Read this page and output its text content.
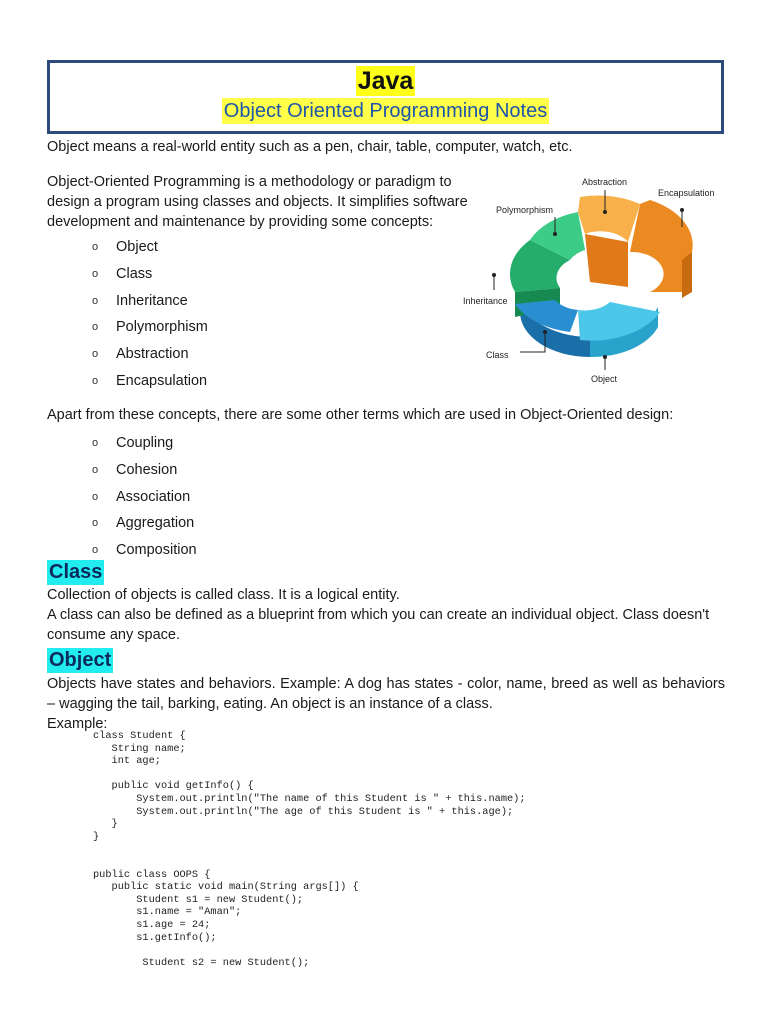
Java
Object Oriented Programming Notes
Object means a real-world entity such as a pen, chair, table, computer, watch, etc.
Object-Oriented Programming is a methodology or paradigm to design a program using classes and objects. It simplifies software development and maintenance by providing some concepts:
o	Object
o	Class
o	Inheritance
o	Polymorphism
o	Abstraction
o	Encapsulation
Abstraction
Encapsulation
Polymorphism
Inheritance
Class
Object
Apart from these concepts, there are some other terms which are used in Object-Oriented design:
o	Coupling
o	Cohesion
o	Association
o	Aggregation
o	Composition
Class
Collection of objects is called class. It is a logical entity.
A class can also be defined as a blueprint from which you can create an individual object. Class doesn't consume any space.
Object
Objects have states and behaviors. Example: A dog has states - color, name, breed as well as behaviors – wagging the tail, barking, eating. An object is an instance of a class.
Example:
class Student {
String name;
int age;

public void getInfo() {
System.out.println("The name of this Student is " + this.name);
System.out.println("The age of this Student is " + this.age);
}
}

public class OOPS {
public static void main(String args[]) {
Student s1 = new Student();
s1.name = "Aman";
s1.age = 24;
s1.getInfo();

Student s2 = new Student();
